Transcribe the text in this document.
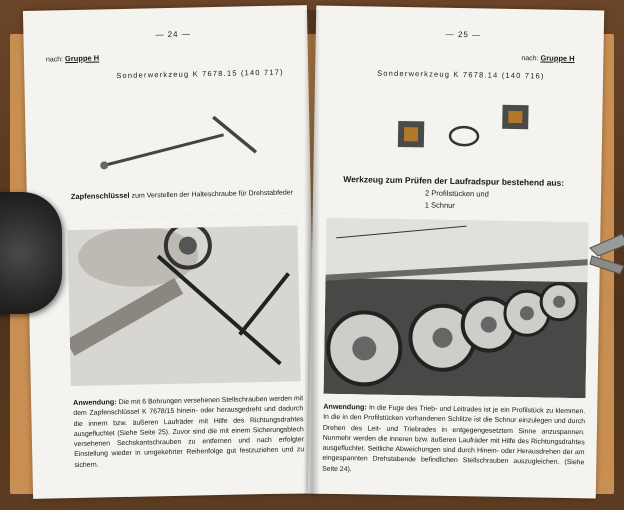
— 24 —
nach: Gruppe H
Sonderwerkzeug K 7678.15 (140 717)
Zapfenschlüssel zum Verstellen der Halteschraube für Drehstabfeder
Anwendung: Die mit 6 Bohrungen versehenen Stellschrauben werden mit dem Zapfenschlüssel K 7678/15 hinein- oder herausgedreht und dadurch die innern bzw. äußeren Laufräder mit Hilfe des Richtungsdrahtes ausgefluchtet (Siehe Seite 25). Zuvor sind die mit einem Sicherungsblech versehenen Sechskantschrauben zu entfernen und nach erfolgter Einstellung wieder in umgekehrter Reihenfolge gut festzuziehen und zu sichern.
— 25 —
nach: Gruppe H
Sonderwerkzeug K 7678.14 (140 716)
Werkzeug zum Prüfen der Laufradspur bestehend aus:
2 Profilstücken und
1 Schnur
Anwendung: In die Fuge des Trieb- und Leitrades ist je ein Profilstück zu klemmen. In die in den Profilstücken vorhandenen Schlitze ist die Schnur einzulegen und durch Drehen des Leit- und Triebrades in entgegengesetztem Sinne anzuspannen. Nunmehr werden die inneren bzw. äußeren Laufräder mit Hilfe des Richtungsdrahtes ausgefluchtet. Seitliche Abweichungen sind durch Hinein- oder Herausdrehen der am eingespannten Drehstabende befindlichen Stellschrauben auszugleichen. (Siehe Seite 24).
